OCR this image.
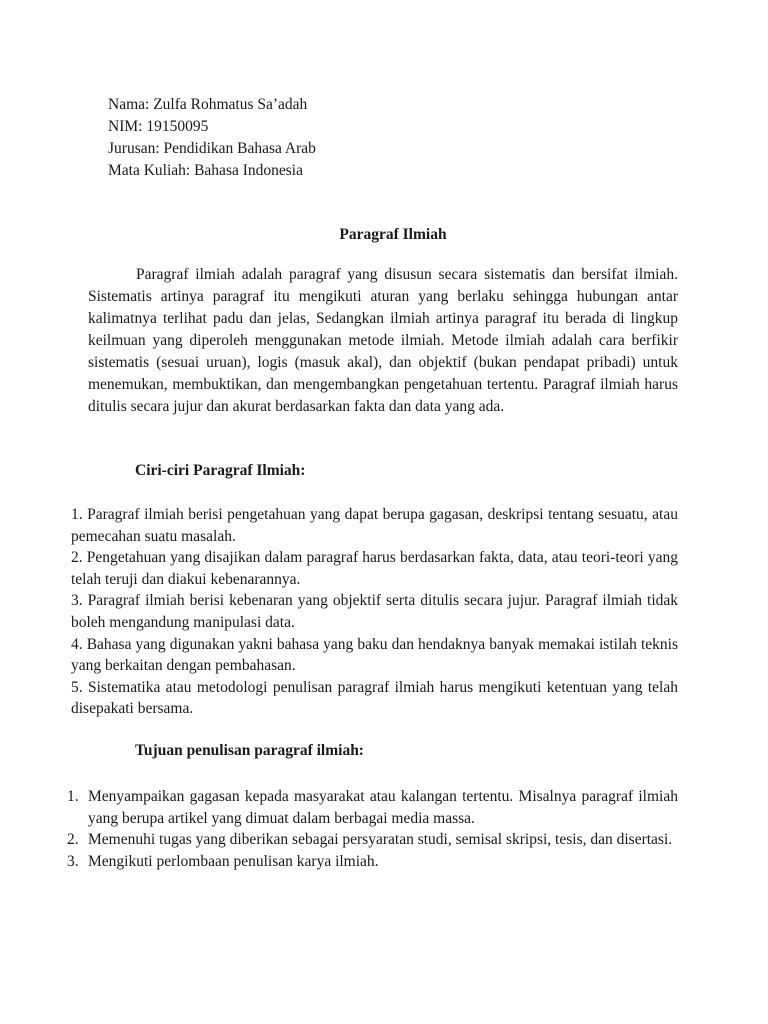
Nama: Zulfa Rohmatus Sa’adah
NIM: 19150095
Jurusan: Pendidikan Bahasa Arab
Mata Kuliah: Bahasa Indonesia
Paragraf Ilmiah

Paragraf ilmiah adalah paragraf yang disusun secara sistematis dan bersifat ilmiah. Sistematis artinya paragraf itu mengikuti aturan yang berlaku sehingga hubungan antar kalimatnya terlihat padu dan jelas, Sedangkan ilmiah artinya paragraf itu berada di lingkup keilmuan yang diperoleh menggunakan metode ilmiah. Metode ilmiah adalah cara berfikir sistematis (sesuai uruan), logis (masuk akal), dan objektif (bukan pendapat pribadi) untuk menemukan, membuktikan, dan mengembangkan pengetahuan tertentu. Paragraf ilmiah harus ditulis secara jujur dan akurat berdasarkan fakta dan data yang ada.

Ciri-ciri Paragraf Ilmiah:
1. Paragraf ilmiah berisi pengetahuan yang dapat berupa gagasan, deskripsi tentang sesuatu, atau pemecahan suatu masalah.
2. Pengetahuan yang disajikan dalam paragraf harus berdasarkan fakta, data, atau teori-teori yang telah teruji dan diakui kebenarannya.
3. Paragraf ilmiah berisi kebenaran yang objektif serta ditulis secara jujur. Paragraf ilmiah tidak boleh mengandung manipulasi data.
4. Bahasa yang digunakan yakni bahasa yang baku dan hendaknya banyak memakai istilah teknis yang berkaitan dengan pembahasan.
5. Sistematika atau metodologi penulisan paragraf ilmiah harus mengikuti ketentuan yang telah disepakati bersama.
Tujuan penulisan paragraf ilmiah:
1. Menyampaikan gagasan kepada masyarakat atau kalangan tertentu. Misalnya paragraf ilmiah yang berupa artikel yang dimuat dalam berbagai media massa.
2. Memenuhi tugas yang diberikan sebagai persyaratan studi, semisal skripsi, tesis, dan disertasi.
3. Mengikuti perlombaan penulisan karya ilmiah.
